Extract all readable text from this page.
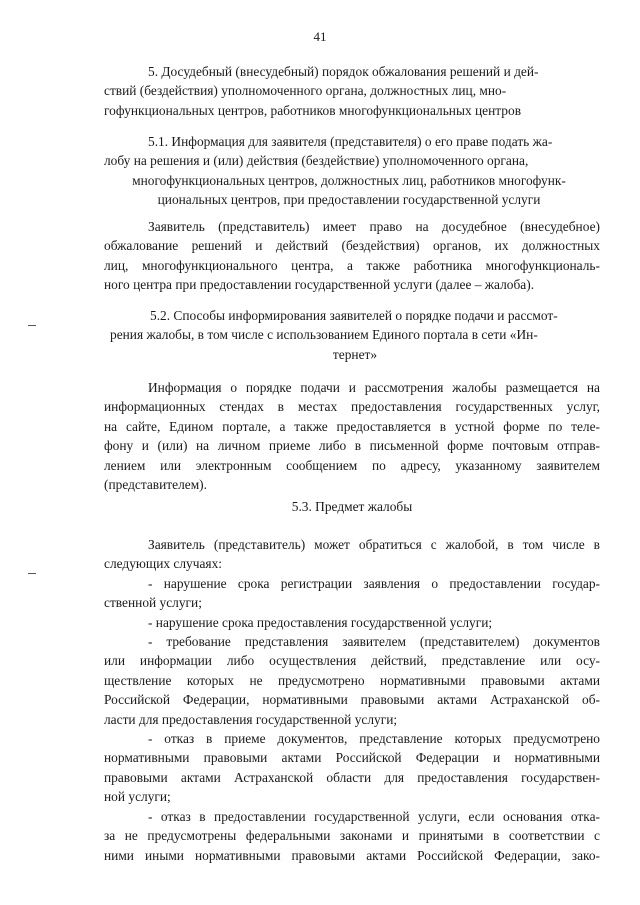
41
5. Досудебный (внесудебный) порядок обжалования решений и дей-
ствий (бездействия) уполномоченного органа, должностных лиц, мно-
гофункциональных центров, работников многофункциональных центров
5.1. Информация для заявителя (представителя) о его праве подать жа-
лобу на решения и (или) действия (бездействие) уполномоченного органа,
многофункциональных центров, должностных лиц, работников многофунк-
циональных центров, при предоставлении государственной услуги
Заявитель (представитель) имеет право на досудебное (внесудебное)
обжалование решений и действий (бездействия) органов, их должностных
лиц, многофункционального центра, а также работника многофункциональ-
ного центра при предоставлении государственной услуги (далее – жалоба).
5.2. Способы информирования заявителей о порядке подачи и рассмот-
рения жалобы, в том числе с использованием Единого портала в сети «Ин-
тернет»
Информация о порядке подачи и рассмотрения жалобы размещается на
информационных стендах в местах предоставления государственных услуг,
на сайте, Едином портале, а также предоставляется в устной форме по теле-
фону и (или) на личном приеме либо в письменной форме почтовым отправ-
лением или электронным сообщением по адресу, указанному заявителем
(представителем).
5.3. Предмет жалобы
Заявитель (представитель) может обратиться с жалобой, в том числе в
следующих случаях:
- нарушение срока регистрации заявления о предоставлении государ-
ственной услуги;
- нарушение срока предоставления государственной услуги;
- требование представления заявителем (представителем) документов
или информации либо осуществления действий, представление или осу-
ществление которых не предусмотрено нормативными правовыми актами
Российской Федерации, нормативными правовыми актами Астраханской об-
ласти для предоставления государственной услуги;
- отказ в приеме документов, представление которых предусмотрено
нормативными правовыми актами Российской Федерации и нормативными
правовыми актами Астраханской области для предоставления государствен-
ной услуги;
- отказ в предоставлении государственной услуги, если основания отка-
за не предусмотрены федеральными законами и принятыми в соответствии с
ними иными нормативными правовыми актами Российской Федерации, зако-
